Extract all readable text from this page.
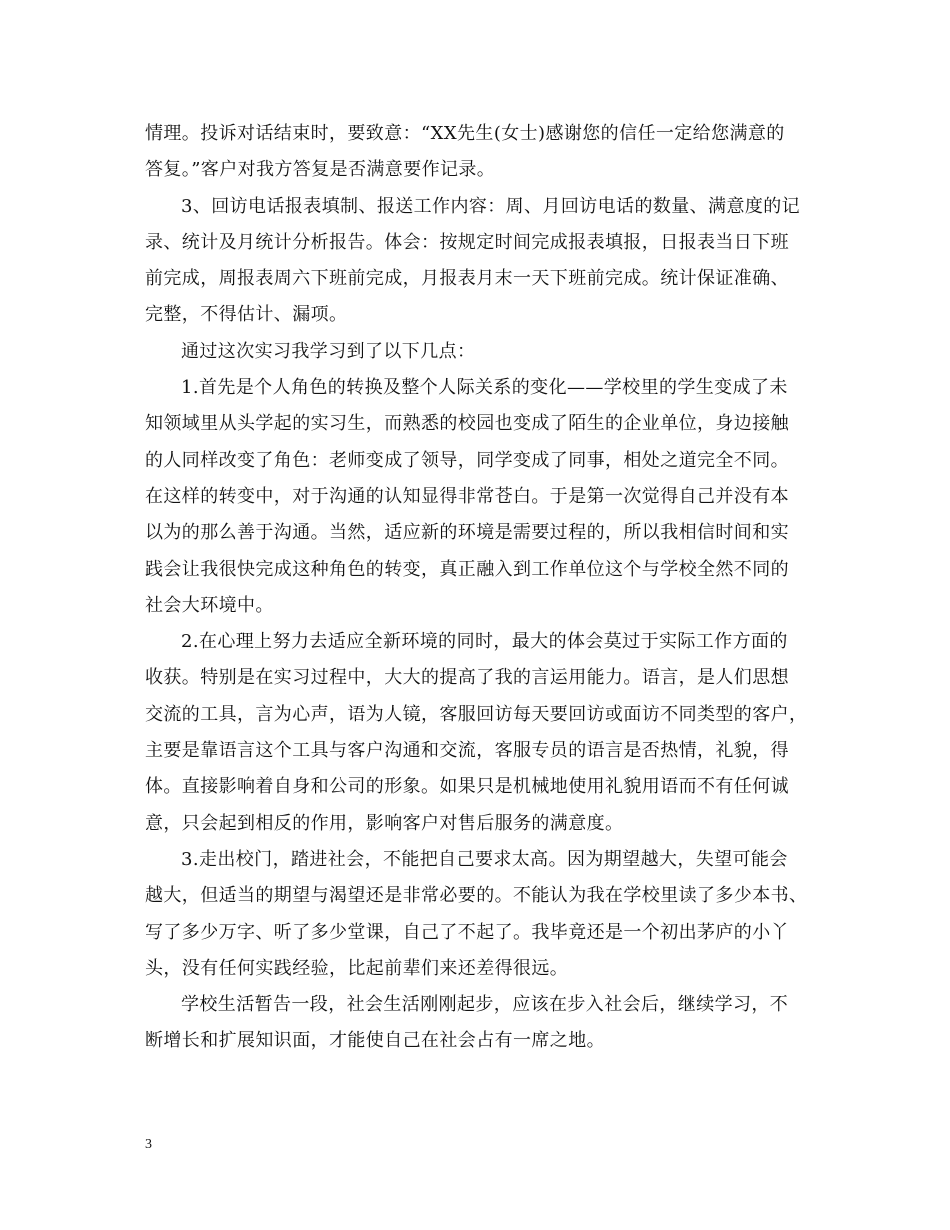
情理。投诉对话结束时，要致意：“XX先生(女士)感谢您的信任一定给您满意的
答复。”客户对我方答复是否满意要作记录。
3、回访电话报表填制、报送工作内容：周、月回访电话的数量、满意度的记
录、统计及月统计分析报告。体会：按规定时间完成报表填报，日报表当日下班
前完成，周报表周六下班前完成，月报表月末一天下班前完成。统计保证准确、
完整，不得估计、漏项。
通过这次实习我学习到了以下几点：
1.首先是个人角色的转换及整个人际关系的变化——学校里的学生变成了未
知领域里从头学起的实习生，而熟悉的校园也变成了陌生的企业单位，身边接触
的人同样改变了角色：老师变成了领导，同学变成了同事，相处之道完全不同。
在这样的转变中，对于沟通的认知显得非常苍白。于是第一次觉得自己并没有本
以为的那么善于沟通。当然，适应新的环境是需要过程的，所以我相信时间和实
践会让我很快完成这种角色的转变，真正融入到工作单位这个与学校全然不同的
社会大环境中。
2.在心理上努力去适应全新环境的同时，最大的体会莫过于实际工作方面的
收获。特别是在实习过程中，大大的提高了我的言运用能力。语言，是人们思想
交流的工具，言为心声，语为人镜，客服回访每天要回访或面访不同类型的客户，
主要是靠语言这个工具与客户沟通和交流，客服专员的语言是否热情，礼貌，得
体。直接影响着自身和公司的形象。如果只是机械地使用礼貌用语而不有任何诚
意，只会起到相反的作用，影响客户对售后服务的满意度。
3.走出校门，踏进社会，不能把自己要求太高。因为期望越大，失望可能会
越大，但适当的期望与渴望还是非常必要的。不能认为我在学校里读了多少本书、
写了多少万字、听了多少堂课，自己了不起了。我毕竟还是一个初出茅庐的小丫
头，没有任何实践经验，比起前辈们来还差得很远。
学校生活暂告一段，社会生活刚刚起步，应该在步入社会后，继续学习，不
断增长和扩展知识面，才能使自己在社会占有一席之地。
3
